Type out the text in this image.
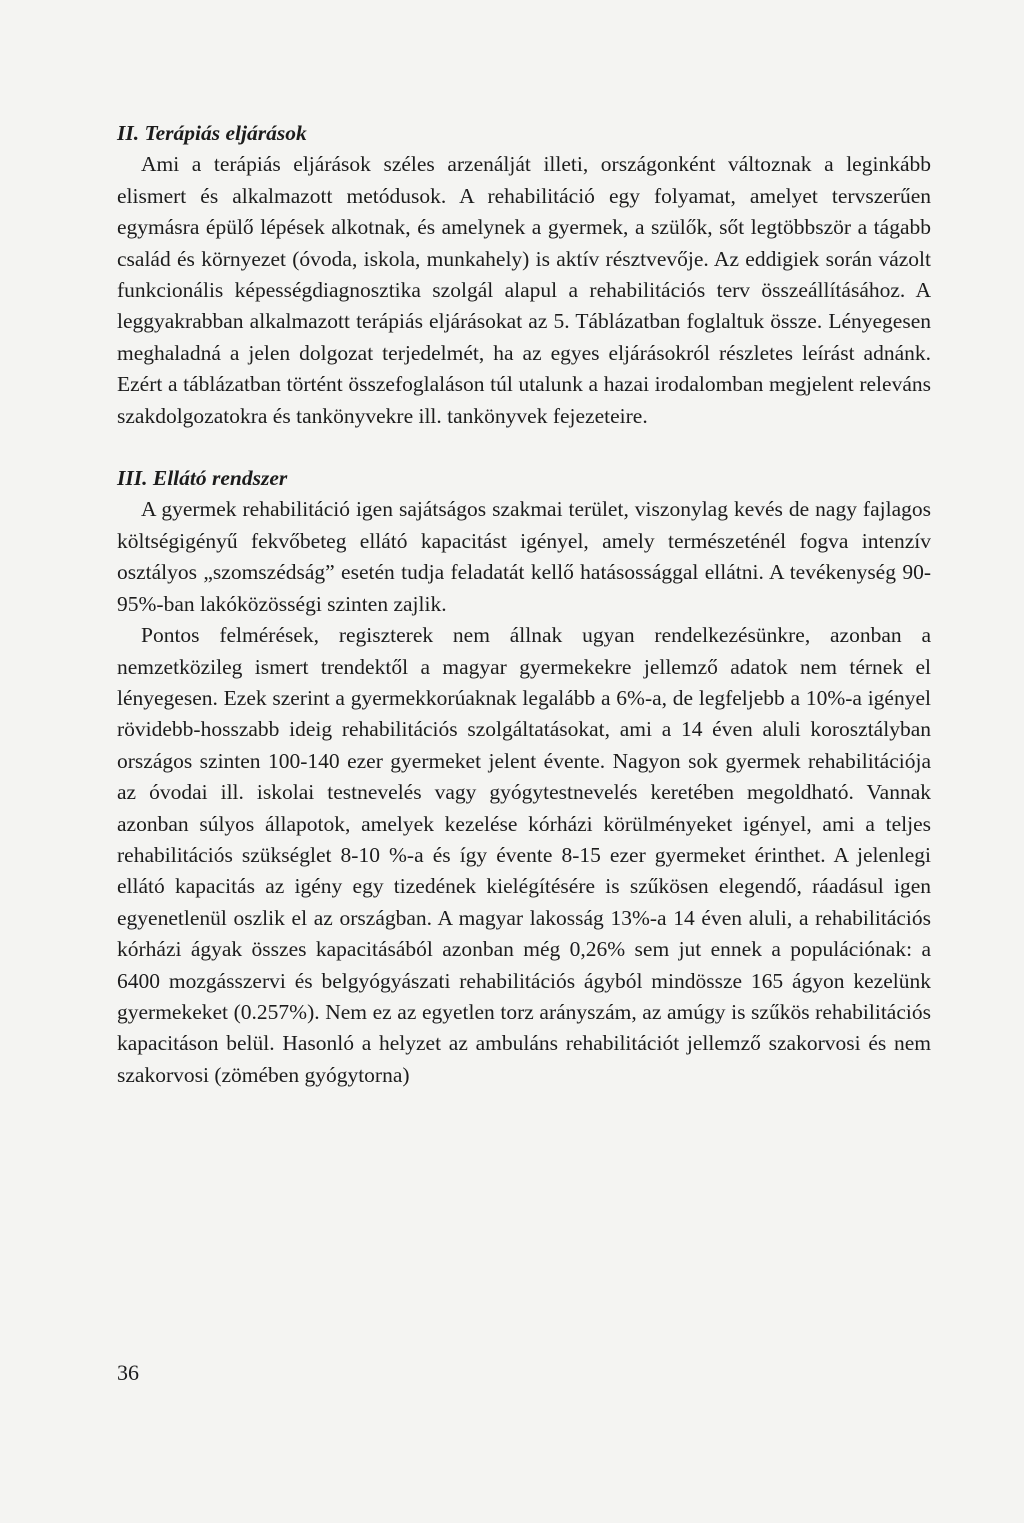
II. Terápiás eljárások

Ami a terápiás eljárások széles arzenálját illeti, országonként változnak a leginkább elismert és alkalmazott metódusok. A rehabilitáció egy folyamat, amelyet tervszerűen egymásra épülő lépések alkotnak, és amelynek a gyermek, a szülők, sőt legtöbbször a tágabb család és környezet (óvoda, iskola, munkahely) is aktív résztvevője. Az eddigiek során vázolt funkcionális képességdiagnosztika szolgál alapul a rehabilitációs terv összeállításához. A leggyakrabban alkalmazott terápiás eljárásokat az 5. Táblázatban foglaltuk össze. Lényegesen meghaladná a jelen dolgozat terjedelmét, ha az egyes eljárásokról részletes leírást adnánk. Ezért a táblázatban történt összefoglaláson túl utalunk a hazai irodalomban megjelent releváns szakdolgozatokra és tankönyvekre ill. tankönyvek fejezeteire.

III. Ellátó rendszer

A gyermek rehabilitáció igen sajátságos szakmai terület, viszonylag kevés de nagy fajlagos költségigényű fekvőbeteg ellátó kapacitást igényel, amely természeténél fogva intenzív osztályos „szomszédság” esetén tudja feladatát kellő hatásossággal ellátni. A tevékenység 90-95%-ban lakóközösségi szinten zajlik.

Pontos felmérések, regiszterek nem állnak ugyan rendelkezésünkre, azonban a nemzetközileg ismert trendektől a magyar gyermekekre jellemző adatok nem térnek el lényegesen. Ezek szerint a gyermekkorúaknak legalább a 6%-a, de legfeljebb a 10%-a igényel rövidebb-hosszabb ideig rehabilitációs szolgáltatásokat, ami a 14 éven aluli korosztályban országos szinten 100-140 ezer gyermeket jelent évente. Nagyon sok gyermek rehabilitációja az óvodai ill. iskolai testnevelés vagy gyógytestnevelés keretében megoldható. Vannak azonban súlyos állapotok, amelyek kezelése kórházi körülményeket igényel, ami a teljes rehabilitációs szükséglet 8-10 %-a és így évente 8-15 ezer gyermeket érinthet. A jelenlegi ellátó kapacitás az igény egy tizedének kielégítésére is szűkösen elegendő, ráadásul igen egyenetlenül oszlik el az országban. A magyar lakosság 13%-a 14 éven aluli, a rehabilitációs kórházi ágyak összes kapacitásából azonban még 0,26% sem jut ennek a populációnak: a 6400 mozgásszervi és belgyógyászati rehabilitációs ágyból mindössze 165 ágyon kezelünk gyermekeket (0.257%). Nem ez az egyetlen torz arányszám, az amúgy is szűkös rehabilitációs kapacitáson belül. Hasonló a helyzet az ambuláns rehabilitációt jellemző szakorvosi és nem szakorvosi (zömében gyógytorna)

36
